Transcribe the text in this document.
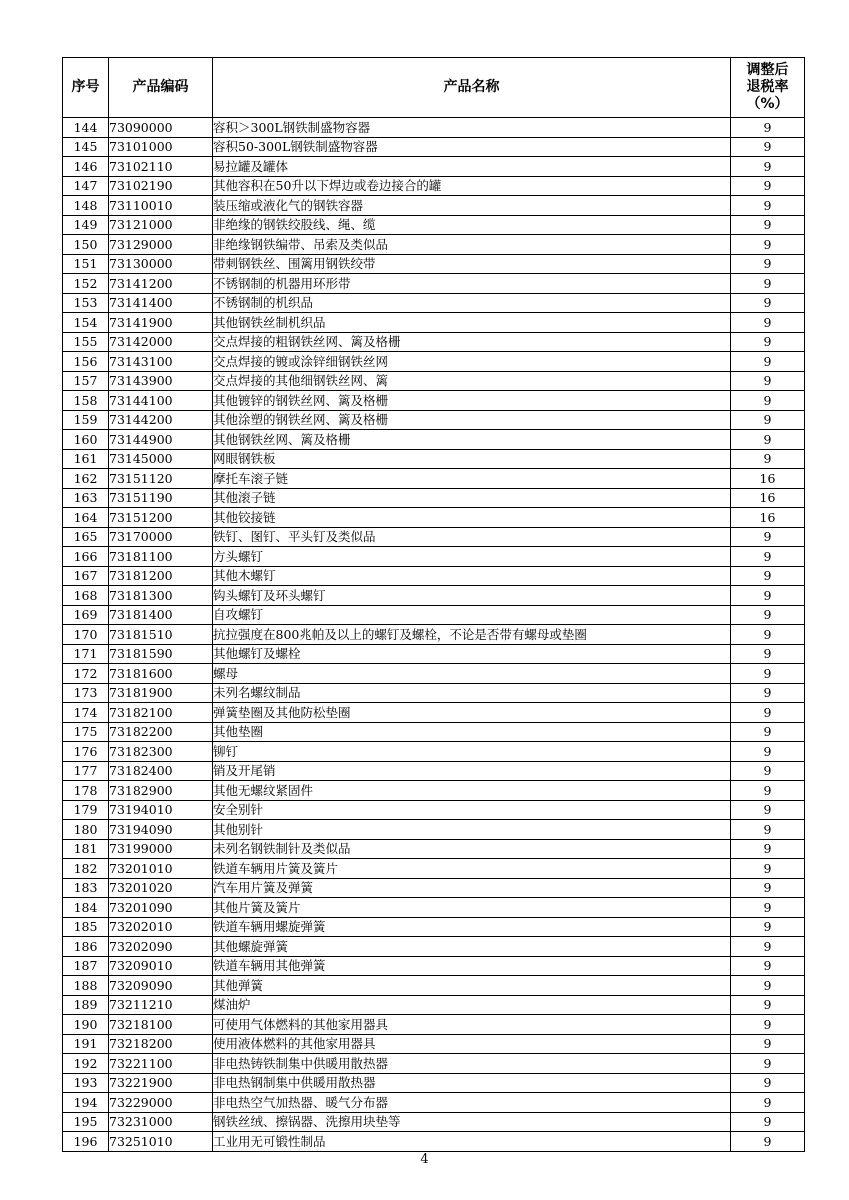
序号	产品编码	产品名称	调整后
退税率
（%）
144	73090000	容积＞300L钢铁制盛物容器	9
145	73101000	容积50-300L钢铁制盛物容器	9
146	73102110	易拉罐及罐体	9
147	73102190	其他容积在50升以下焊边或卷边接合的罐	9
148	73110010	装压缩或液化气的钢铁容器	9
149	73121000	非绝缘的钢铁绞股线、绳、缆	9
150	73129000	非绝缘钢铁编带、吊索及类似品	9
151	73130000	带刺钢铁丝、围篱用钢铁绞带	9
152	73141200	不锈钢制的机器用环形带	9
153	73141400	不锈钢制的机织品	9
154	73141900	其他钢铁丝制机织品	9
155	73142000	交点焊接的粗钢铁丝网、篱及格栅	9
156	73143100	交点焊接的镀或涂锌细钢铁丝网	9
157	73143900	交点焊接的其他细钢铁丝网、篱	9
158	73144100	其他镀锌的钢铁丝网、篱及格栅	9
159	73144200	其他涂塑的钢铁丝网、篱及格栅	9
160	73144900	其他钢铁丝网、篱及格栅	9
161	73145000	网眼钢铁板	9
162	73151120	摩托车滚子链	16
163	73151190	其他滚子链	16
164	73151200	其他铰接链	16
165	73170000	铁钉、图钉、平头钉及类似品	9
166	73181100	方头螺钉	9
167	73181200	其他木螺钉	9
168	73181300	钩头螺钉及环头螺钉	9
169	73181400	自攻螺钉	9
170	73181510	抗拉强度在800兆帕及以上的螺钉及螺栓，不论是否带有螺母或垫圈	9
171	73181590	其他螺钉及螺栓	9
172	73181600	螺母	9
173	73181900	未列名螺纹制品	9
174	73182100	弹簧垫圈及其他防松垫圈	9
175	73182200	其他垫圈	9
176	73182300	铆钉	9
177	73182400	销及开尾销	9
178	73182900	其他无螺纹紧固件	9
179	73194010	安全别针	9
180	73194090	其他别针	9
181	73199000	未列名钢铁制针及类似品	9
182	73201010	铁道车辆用片簧及簧片	9
183	73201020	汽车用片簧及弹簧	9
184	73201090	其他片簧及簧片	9
185	73202010	铁道车辆用螺旋弹簧	9
186	73202090	其他螺旋弹簧	9
187	73209010	铁道车辆用其他弹簧	9
188	73209090	其他弹簧	9
189	73211210	煤油炉	9
190	73218100	可使用气体燃料的其他家用器具	9
191	73218200	使用液体燃料的其他家用器具	9
192	73221100	非电热铸铁制集中供暖用散热器	9
193	73221900	非电热钢制集中供暖用散热器	9
194	73229000	非电热空气加热器、暖气分布器	9
195	73231000	钢铁丝绒、擦锅器、洗擦用块垫等	9
196	73251010	工业用无可锻性制品	9
4
